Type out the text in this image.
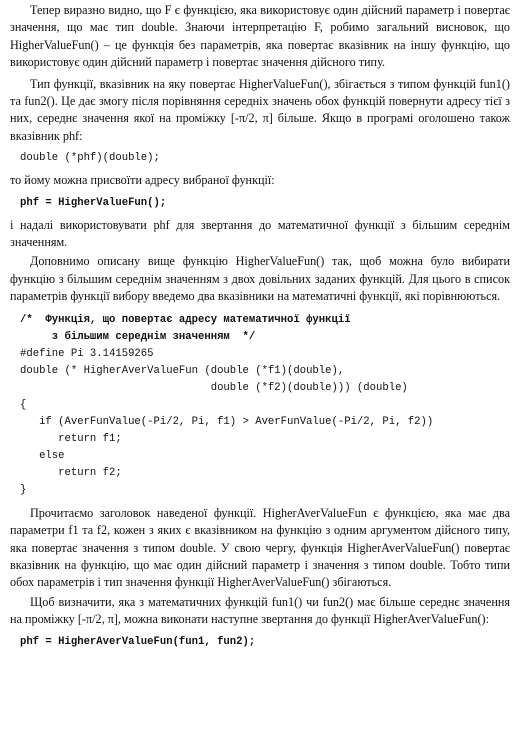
Тепер виразно видно, що F є функцією, яка використовує один дійсний параметр і повертає значення, що має тип double. Знаючи інтерпретацію F, робимо загальний висновок, що HigherValueFun() – це функція без параметрів, яка повертає вказівник на іншу функцію, що використовує один дійсний параметр і повертає значення дійсного типу.

Тип функції, вказівник на яку повертає HigherValueFun(), збігається з типом функцій fun1() та fun2(). Це дає змогу після порівняння середніх значень обох функцій повернути адресу тієї з них, середнє значення якої на проміжку [-π/2, π] більше. Якщо в програмі оголошено також вказівник phf:

double (*phf)(double);

то йому можна присвоїти адресу вибраної функції:

phf = HigherValueFun();

і надалі використовувати phf для звертання до математичної функції з більшим середнім значенням.

Доповнимо описану вище функцію HigherValueFun() так, щоб можна було вибирати функцію з більшим середнім значенням з двох довільних заданих функцій. Для цього в список параметрів функції вибору введемо два вказівники на математичні функції, які порівнюються.

/*  Функція, що повертає адресу математичної функції
з більшим середнім значенням  */
#define Pi 3.14159265
double (* HigherAverValueFun (double (*f1)(double),
double (*f2)(double))) (double)
{
if (AverFunValue(-Pi/2, Pi, f1) > AverFunValue(-Pi/2, Pi, f2))
return f1;
else
return f2;
}

Прочитаємо заголовок наведеної функції. HigherAverValueFun є функцією, яка має два параметри f1 та f2, кожен з яких є вказівником на функцію з одним аргументом дійсного типу, яка повертає значення з типом double. У свою чергу, функція HigherAverValueFun() повертає вказівник на функцію, що має один дійсний параметр і значення з типом double. Тобто типи обох параметрів і тип значення функції HigherAverValueFun() збігаються.

Щоб визначити, яка з математичних функцій fun1() чи fun2() має більше середнє значення на проміжку [-π/2, π], можна виконати наступне звертання до функції HigherAverValueFun():

phf = HigherAverValueFun(fun1, fun2);
